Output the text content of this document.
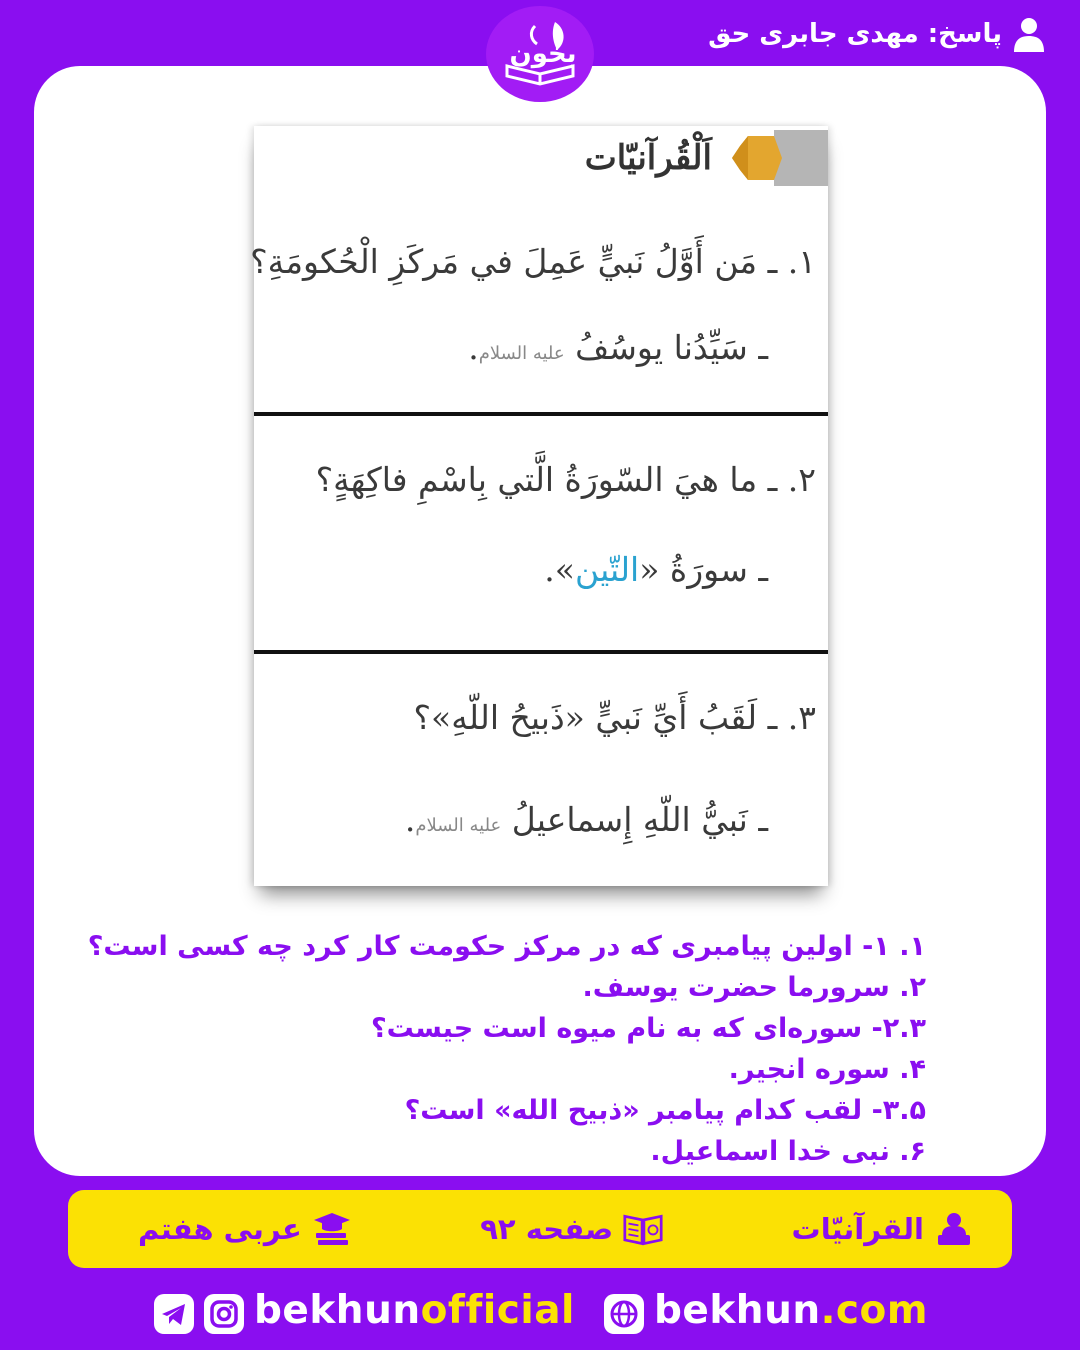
پاسخ: مهدی جابری حق
بخون
اَلْقُرآنيّات
١. ـ مَن أَوَّلُ نَبيٍّ عَمِلَ في مَرکَزِ الْحُکومَةِ؟
ـ سَيِّدُنا يوسُفُ عليه السلام.
٢. ـ ما هيَ السّورَةُ الَّتي بِاسْمِ فاکِهَةٍ؟
ـ سورَةُ «التّين».
٣. ـ لَقَبُ أَيِّ نَبيٍّ «ذَبيحُ اللّهِ»؟
ـ نَبيُّ اللّهِ إِسماعيلُ عليه السلام.
۱. ۱- اولین پیامبری که در مرکز حکومت کار کرد چه کسی است؟
۲. سرورما حضرت یوسف.
۲.۳- سوره‌ای که به نام میوه است جیست؟
۴. سوره انجیر.
۳.۵- لقب کدام پیامبر «ذبیح الله» است؟
۶. نبی خدا اسماعیل.
القرآنیّات
صفحه ۹۲
عربی هفتم
bekhunofficial bekhun.com
